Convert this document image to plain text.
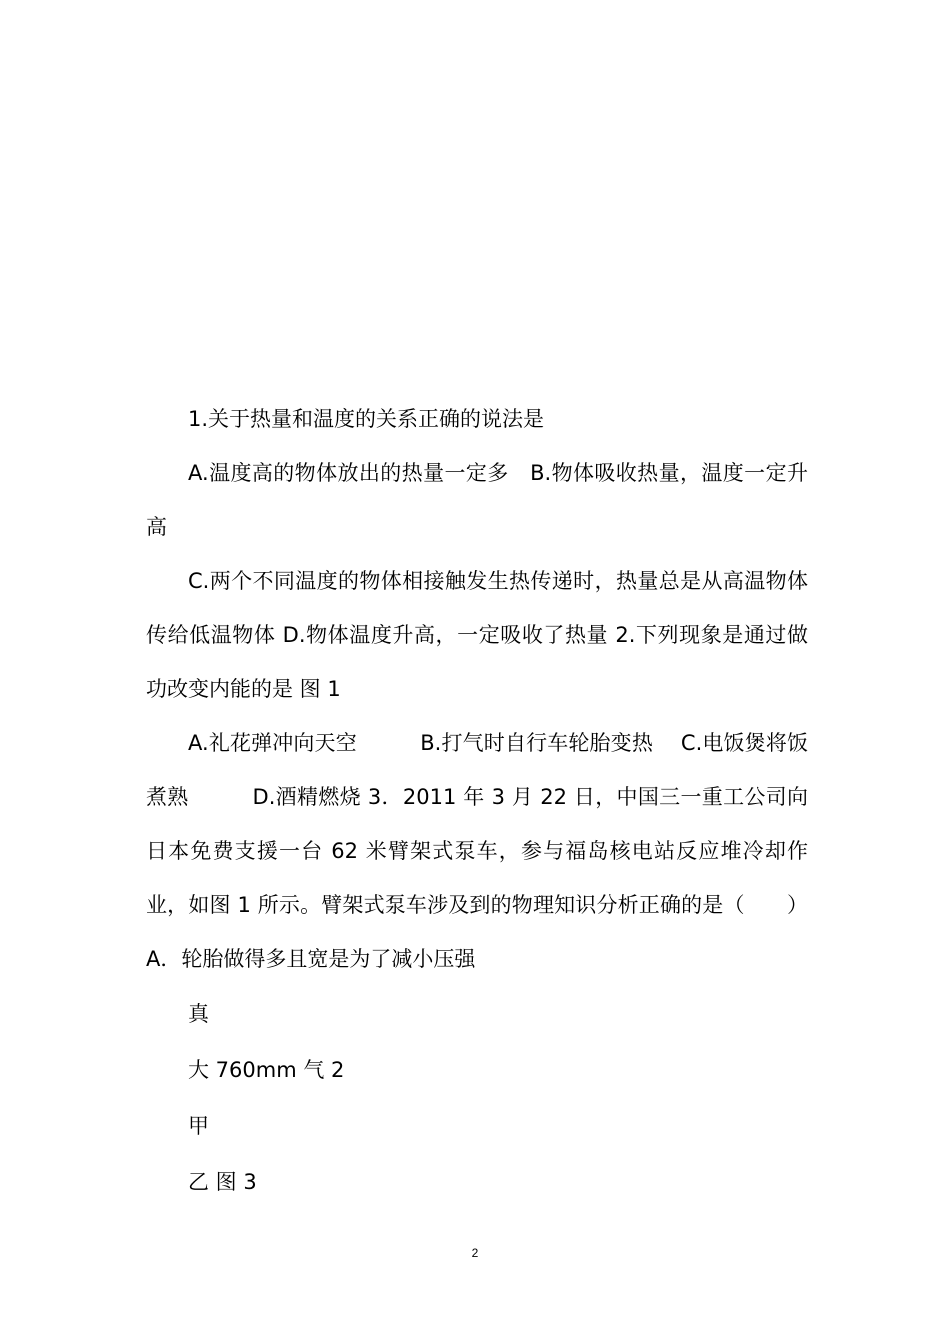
1.关于热量和温度的关系正确的说法是

A.温度高的物体放出的热量一定多　B.物体吸收热量，温度一定升高

C.两个不同温度的物体相接触发生热传递时，热量总是从高温物体传给低温物体 D.物体温度升高，一定吸收了热量 2.下列现象是通过做功改变内能的是 图 1

A.礼花弹冲向天空　　　B.打气时自行车轮胎变热　 C.电饭煲将饭煮熟　　　D.酒精燃烧 3．2011 年 3 月 22 日，中国三一重工公司向日本免费支援一台 62 米臂架式泵车，参与福岛核电站反应堆冷却作业，如图 1 所示。臂架式泵车涉及到的物理知识分析正确的是（　　） A．轮胎做得多且宽是为了减小压强

真

大 760mm 气 2

甲

乙 图 3

2
